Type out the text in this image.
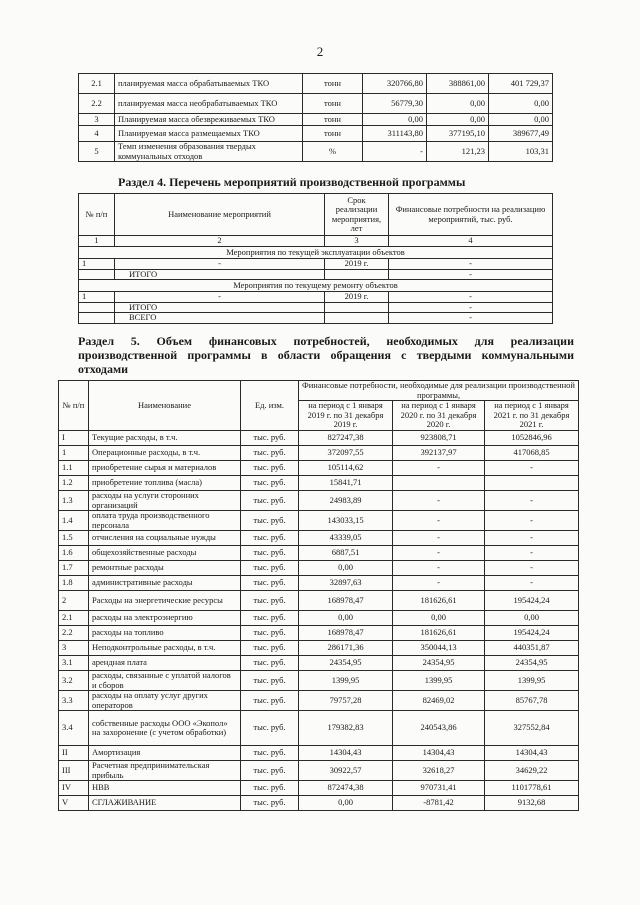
2
2.1	планируемая масса обрабатываемых ТКО	тонн	320766,80	388861,00	401 729,37
2.2	планируемая масса необрабатываемых ТКО	тонн	56779,30	0,00	0,00
3	Планируемая масса обезвреживаемых ТКО	тонн	0,00	0,00	0,00
4	Планируемая масса размещаемых ТКО	тонн	311143,80	377195,10	389677,49
5	Темп изменения образования твердых коммунальных отходов	%	-	121,23	103,31
Раздел 4. Перечень мероприятий производственной программы
№ п/п	Наименование мероприятий	Срок реализации мероприятия, лет	Финансовые потребности на реализацию мероприятий, тыс. руб.
1	2	3	4
Мероприятия по текущей эксплуатации объектов			
1	-	2019 г.	-
	ИТОГО		-
Мероприятия по текущему ремонту объектов			
1	-	2019 г.	-
	ИТОГО		-
	ВСЕГО		-
Раздел 5. Объем финансовых потребностей, необходимых для реализации производственной программы в области обращения с твердыми коммунальными отходами
№ п/п	Наименование	Ед. изм.	Финансовые потребности, необходимые для реализации производственной программы,		
			на период с 1 января 2019 г. по 31 декабря 2019 г.	на период с 1 января 2020 г. по 31 декабря 2020 г.	на период с 1 января 2021 г. по 31 декабря 2021 г.
I	Текущие расходы, в т.ч.	тыс. руб.	827247,38	923808,71	1052846,96
1	Операционные расходы, в т.ч.	тыс. руб.	372097,55	392137,97	417068,85
1.1	приобретение сырья и материалов	тыс. руб.	105114,62	-	-
1.2	приобретение топлива (масла)	тыс. руб.	15841,71		
1.3	расходы на услуги сторонних организаций	тыс. руб.	24983,89	-	-
1.4	оплата труда производственного персонала	тыс. руб.	143033,15	-	-
1.5	отчисления на социальные нужды	тыс. руб.	43339,05	-	-
1.6	общехозяйственные расходы	тыс. руб.	6887,51	-	-
1.7	ремонтные расходы	тыс. руб.	0,00	-	-
1.8	административные расходы	тыс. руб.	32897,63	-	-
2	Расходы на энергетические ресурсы	тыс. руб.	168978,47	181626,61	195424,24
2.1	расходы на электроэнергию	тыс. руб.	0,00	0,00	0,00
2.2	расходы на топливо	тыс. руб.	168978,47	181626,61	195424,24
3	Неподконтрольные расходы, в т.ч.	тыс. руб.	286171,36	350044,13	440351,87
3.1	арендная плата	тыс. руб.	24354,95	24354,95	24354,95
3.2	расходы, связанные с уплатой налогов и сборов	тыс. руб.	1399,95	1399,95	1399,95
3.3	расходы на оплату услуг других операторов	тыс. руб.	79757,28	82469,02	85767,78
3.4	собственные расходы ООО «Экопол» на захоронение (с учетом обработки)	тыс. руб.	179382,83	240543,86	327552,84
II	Амортизация	тыс. руб.	14304,43	14304,43	14304,43
III	Расчетная предпринимательская прибыль	тыс. руб.	30922,57	32618,27	34629,22
IV	НВВ	тыс. руб.	872474,38	970731,41	1101778,61
V	СГЛАЖИВАНИЕ	тыс. руб.	0,00	-8781,42	9132,68
